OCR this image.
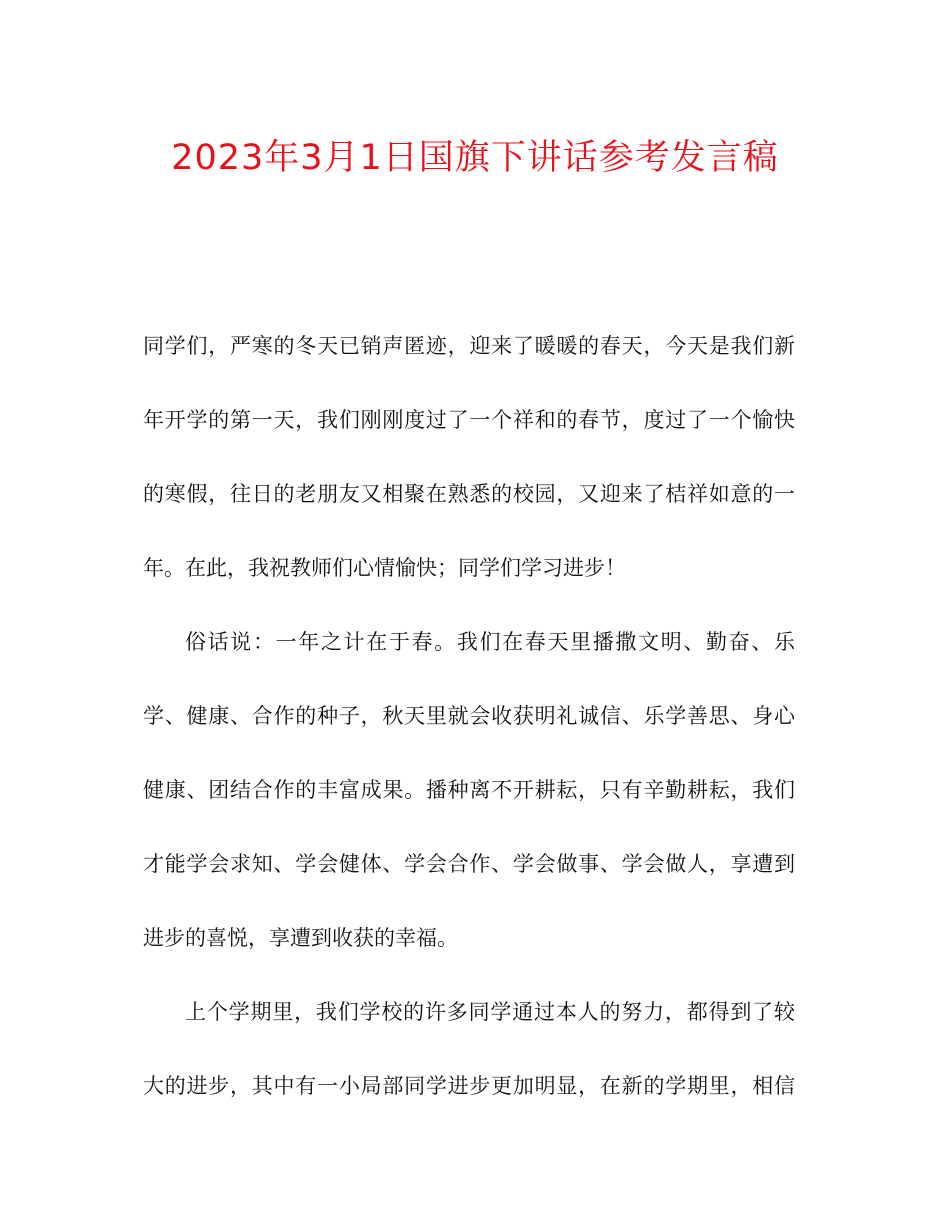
2023年3月1日国旗下讲话参考发言稿

同学们，严寒的冬天已销声匿迹，迎来了暖暖的春天，今天是我们新

年开学的第一天，我们刚刚度过了一个祥和的春节，度过了一个愉快

的寒假，往日的老朋友又相聚在熟悉的校园，又迎来了桔祥如意的一

年。在此，我祝教师们心情愉快；同学们学习进步！

俗话说：一年之计在于春。我们在春天里播撒文明、勤奋、乐

学、健康、合作的种子，秋天里就会收获明礼诚信、乐学善思、身心

健康、团结合作的丰富成果。播种离不开耕耘，只有辛勤耕耘，我们

才能学会求知、学会健体、学会合作、学会做事、学会做人，享遭到

进步的喜悦，享遭到收获的幸福。

上个学期里，我们学校的许多同学通过本人的努力，都得到了较

大的进步，其中有一小局部同学进步更加明显，在新的学期里，相信
